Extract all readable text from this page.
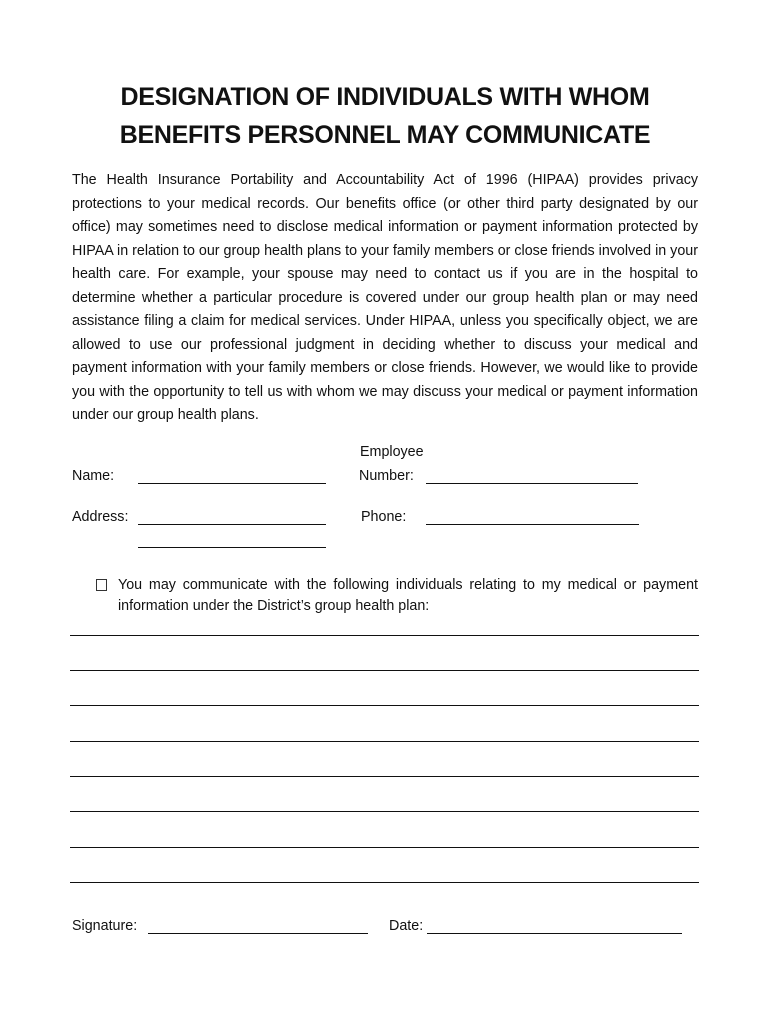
DESIGNATION OF INDIVIDUALS WITH WHOM
BENEFITS PERSONNEL MAY COMMUNICATE
The Health Insurance Portability and Accountability Act of 1996 (HIPAA) provides privacy protections to your medical records. Our benefits office (or other third party designated by our office) may sometimes need to disclose medical information or payment information protected by HIPAA in relation to our group health plans to your family members or close friends involved in your health care. For example, your spouse may need to contact us if you are in the hospital to determine whether a particular procedure is covered under our group health plan or may need assistance filing a claim for medical services. Under HIPAA, unless you specifically object, we are allowed to use our professional judgment in deciding whether to discuss your medical and payment information with your family members or close friends. However, we would like to provide you with the opportunity to tell us with whom we may discuss your medical or payment information under our group health plans.
Name:
Employee
Number:
Address:	Phone:
You may communicate with the following individuals relating to my medical or payment information under the District’s group health plan:
Signature:	Date:
